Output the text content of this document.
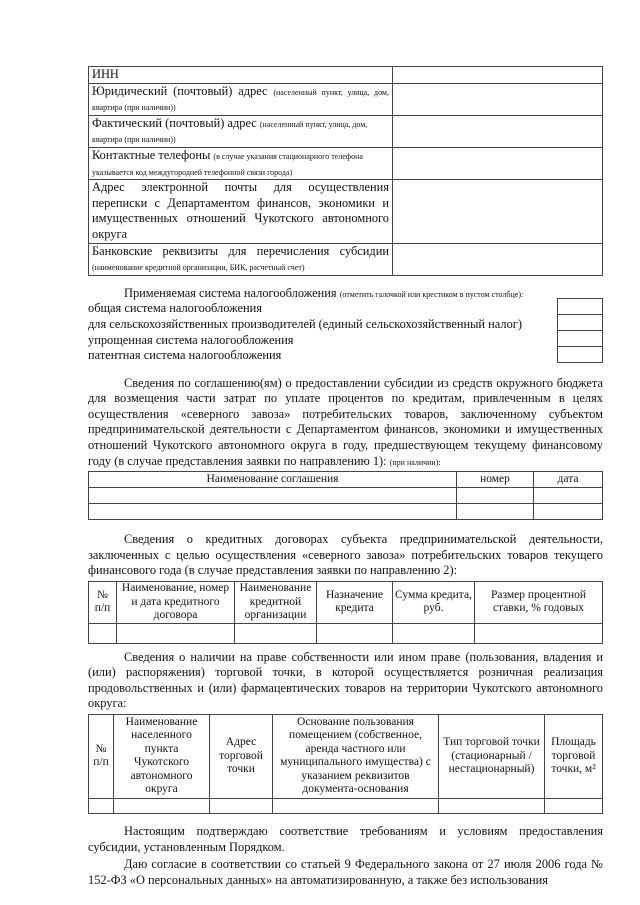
ИНН	
Юридический (почтовый) адрес (населенный пункт, улица, дом, квартира (при наличии))	
Фактический (почтовый) адрес (населенный пункт, улица, дом, квартира (при наличии))	
Контактные телефоны (в случае указания стационарного телефона указывается код междугородней телефонной связи города)	
Адрес электронной почты для осуществления переписки с Департаментом финансов, экономики и имущественных отношений Чукотского автономного округа	
Банковские реквизиты для перечисления субсидии (наименование кредитной организации, БИК, расчетный счет)	
Применяемая система налогообложения (отметить галочкой или крестиком в пустом столбце):
общая система налогообложения
для сельскохозяйственных производителей (единый сельскохозяйственный налог)
упрощенная система налогообложения
патентная система налогообложения
Сведения по соглашению(ям) о предоставлении субсидии из средств окружного бюджета для возмещения части затрат по уплате процентов по кредитам, привлеченным в целях осуществления «северного завоза» потребительских товаров, заключенному субъектом предпринимательской деятельности с Департаментом финансов, экономики и имущественных отношений Чукотского автономного округа в году, предшествующем текущему финансовому году (в случае представления заявки по направлению 1): (при наличии):
Наименование соглашения	номер	дата

Сведения о кредитных договорах субъекта предпринимательской деятельности, заключенных с целью осуществления «северного завоза» потребительских товаров текущего финансового года (в случае представления заявки по направлению 2):
№ п/п	Наименование, номер и дата кредитного договора	Наименование кредитной организации	Назначение кредита	Сумма кредита, руб.	Размер процентной ставки, % годовых

Сведения о наличии на праве собственности или ином праве (пользования, владения и (или) распоряжения) торговой точки, в которой осуществляется розничная реализация продовольственных и (или) фармацевтических товаров на территории Чукотского автономного округа:
№ п/п	Наименование населенного пункта Чукотского автономного округа	Адрес торговой точки	Основание пользования помещением (собственное, аренда частного или муниципального имущества) с указанием реквизитов документа-основания	Тип торговой точки (стационарный / нестационарный)	Площадь торговой точки, м²

Настоящим подтверждаю соответствие требованиям и условиям предоставления субсидии, установленным Порядком.
Даю согласие в соответствии со статьей 9 Федерального закона от 27 июля 2006 года № 152-ФЗ «О персональных данных» на автоматизированную, а также без использования
